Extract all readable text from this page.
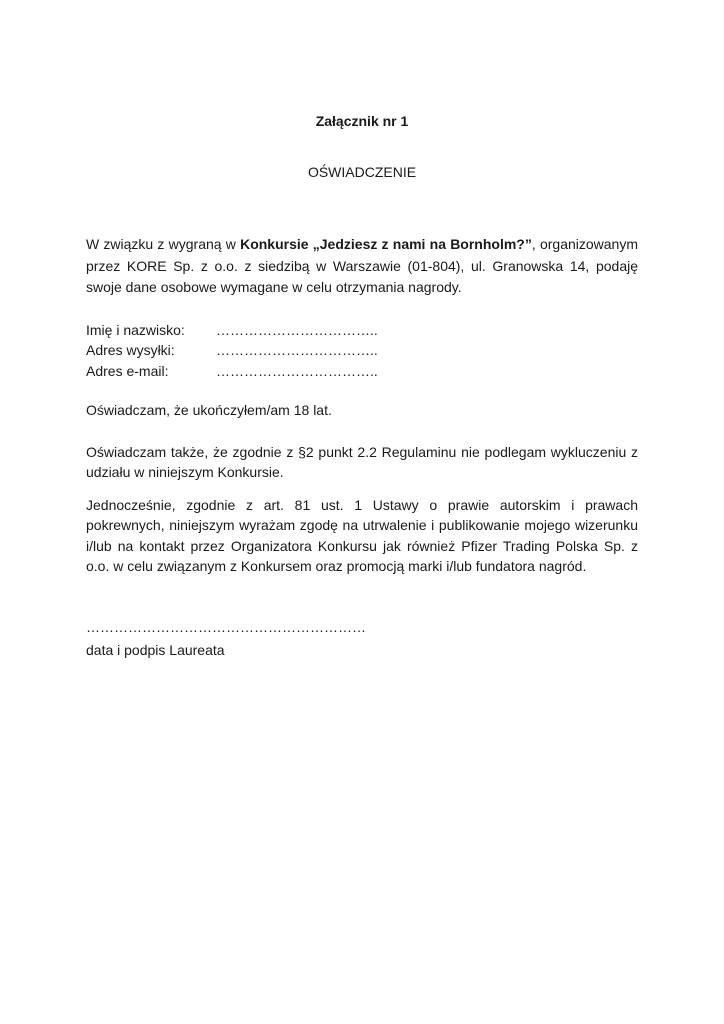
Załącznik nr 1
OŚWIADCZENIE
W związku z wygraną w Konkursie „Jedziesz z nami na Bornholm?”, organizowanym przez KORE Sp. z o.o. z siedzibą w Warszawie (01-804), ul. Granowska 14, podaję swoje dane osobowe wymagane w celu otrzymania nagrody.
Imię i nazwisko:	……………………………..
Adres wysyłki:	……………………………..
Adres e-mail:	……………………………..
Oświadczam, że ukończyłem/am 18 lat.
Oświadczam także, że zgodnie z §2 punkt 2.2 Regulaminu nie podlegam wykluczeniu z udziału w niniejszym Konkursie.
Jednocześnie, zgodnie z art. 81 ust. 1 Ustawy o prawie autorskim i prawach pokrewnych, niniejszym wyrażam zgodę na utrwalenie i publikowanie mojego wizerunku i/lub na kontakt przez Organizatora Konkursu jak również Pfizer Trading Polska Sp. z o.o. w celu związanym z Konkursem oraz promocją marki i/lub fundatora nagród.
……………………………………………………
data i podpis Laureata
